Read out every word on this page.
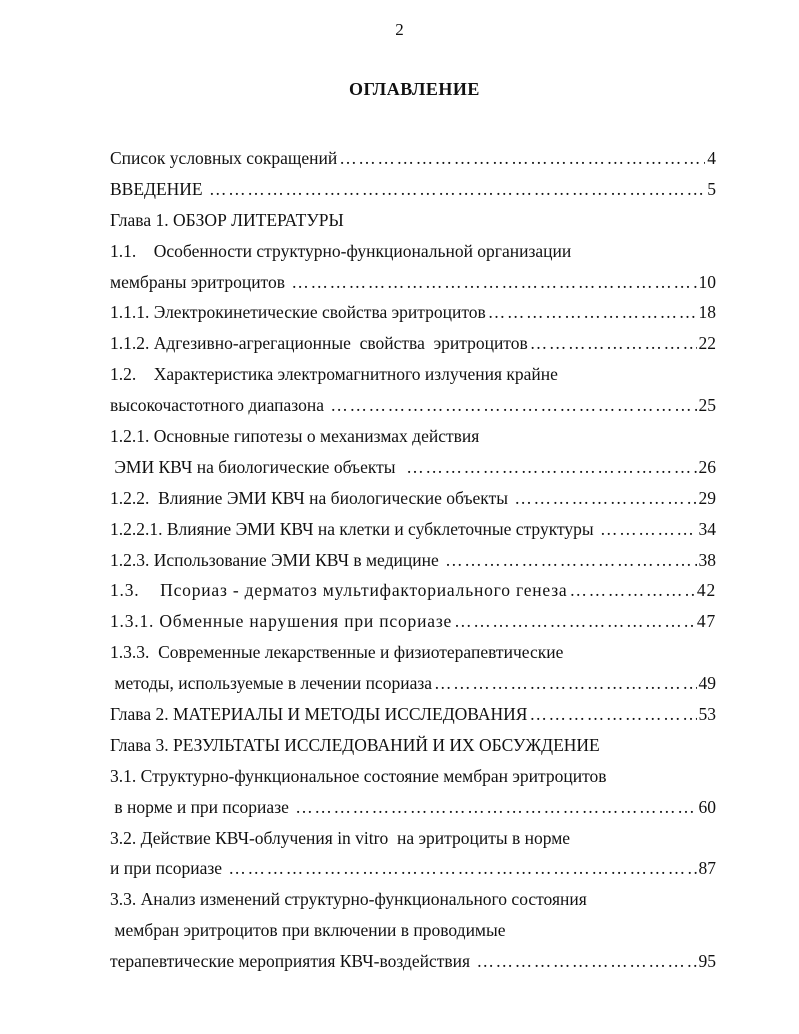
2
ОГЛАВЛЕНИЕ
Список условных сокращений ………………………………………………………………………………………………………………………………………………	4
ВВЕДЕНИЕ ………………………………………………………………………………………………………………………………………………	5
Глава 1. ОБЗОР ЛИТЕРАТУРЫ
1.1.    Особенности структурно-функциональной организации
мембраны эритроцитов ………………………………………………………………………………………………………………………………………………	10
1.1.1. Электрокинетические свойства эритроцитов ………………………………………………………………………………………………………………………………………………	18
1.1.2. Адгезивно-агрегационные  свойства  эритроцитов ………………………………………………………………………………………………………………………………………………	22
1.2.    Характеристика электромагнитного излучения крайне
высокочастотного диапазона ………………………………………………………………………………………………………………………………………………	25
1.2.1. Основные гипотезы о механизмах действия
ЭМИ КВЧ на биологические объекты ………………………………………………………………………………………………………………………………………………	26
1.2.2.  Влияние ЭМИ КВЧ на биологические объекты ………………………………………………………………………………………………………………………………………………	29
1.2.2.1. Влияние ЭМИ КВЧ на клетки и субклеточные структуры ………………………………………………………………………………………………………………………………………………	34
1.2.3. Использование ЭМИ КВЧ в медицине ………………………………………………………………………………………………………………………………………………	38
1.3.    Псориаз - дерматоз мультифакториального генеза ………………………………………………………………………………………………………………………………………………	42
1.3.1. Обменные нарушения при псориазе ………………………………………………………………………………………………………………………………………………	47
1.3.3.  Современные лекарственные и физиотерапевтические
методы, используемые в лечении псориаза ………………………………………………………………………………………………………………………………………………	49
Глава 2. МАТЕРИАЛЫ И МЕТОДЫ ИССЛЕДОВАНИЯ ………………………………………………………………………………………………………………………………………………	53
Глава 3. РЕЗУЛЬТАТЫ ИССЛЕДОВАНИЙ И ИХ ОБСУЖДЕНИЕ
3.1. Структурно-функциональное состояние мембран эритроцитов
в норме и при псориазе ………………………………………………………………………………………………………………………………………………	60
3.2. Действие КВЧ-облучения in vitro  на эритроциты в норме
и при псориазе ………………………………………………………………………………………………………………………………………………	87
3.3. Анализ изменений структурно-функционального состояния
мембран эритроцитов при включении в проводимые
терапевтические мероприятия КВЧ-воздействия ………………………………………………………………………………………………………………………………………………	95
